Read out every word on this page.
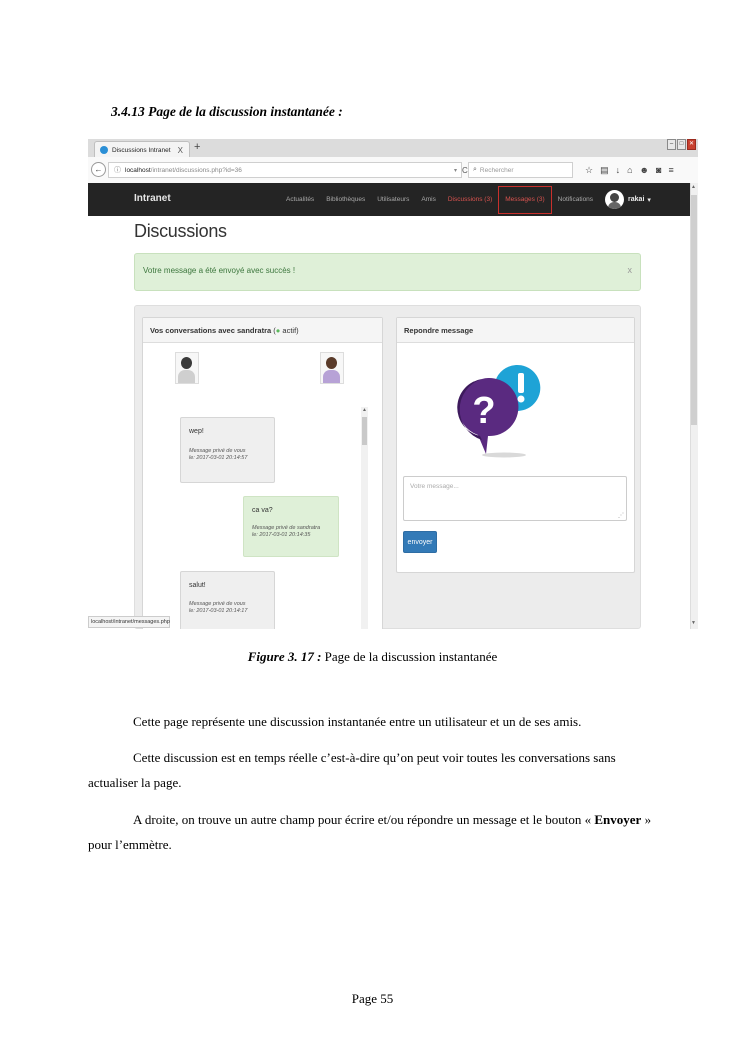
3.4.13 Page de la discussion instantanée :
Discussions Intranet X +	–	□ ✕
←	ⓘ localhost/intranet/discussions.php?id=36	▾ C ⌕ Rechercher	☆ ▤ ↓ ⌂ ☻ ◙ ≡
Intranet	Actualités	Bibliothèques	Utilisateurs	Amis	Discussions (3)	Messages (3)	Notifications	rakai ▾
▲
▼
Discussions
Votre message a été envoyé avec succès !	x
Vos conversations avec sandratra (● actif)
wep!
Message privé de vous
le: 2017-03-01 20:14:57
ca va?
Message privé de sandratra
le: 2017-03-01 20:14:35
salut!
Message privé de vous
le: 2017-03-01 20:14:17
▲
Repondre message
?
Votre message...
⋰
envoyer
localhost/intranet/messages.php
Figure 3. 17 : Page de la discussion instantanée
Cette page représente une discussion instantanée entre un utilisateur et un de ses amis.
Cette discussion est en temps réelle c’est-à-dire qu’on peut voir toutes les conversations sans actualiser la page.
A droite, on trouve un autre champ pour écrire et/ou répondre un message et le bouton « Envoyer » pour l’emmètre.
Page 55
